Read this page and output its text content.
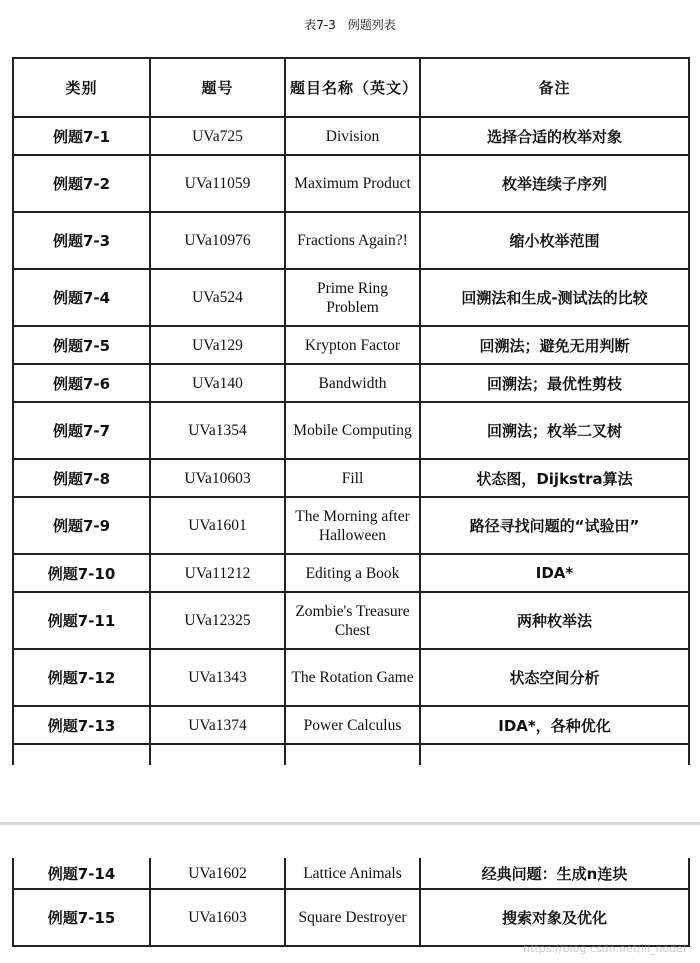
表7-3 例题列表
类别	题号	题目名称（英文）	备注
例题7-1	UVa725	Division	选择合适的枚举对象
例题7-2	UVa11059	Maximum Product	枚举连续子序列
例题7-3	UVa10976	Fractions Again?!	缩小枚举范围
例题7-4	UVa524	Prime Ring Problem	回溯法和生成-测试法的比较
例题7-5	UVa129	Krypton Factor	回溯法；避免无用判断
例题7-6	UVa140	Bandwidth	回溯法；最优性剪枝
例题7-7	UVa1354	Mobile Computing	回溯法；枚举二叉树
例题7-8	UVa10603	Fill	状态图，Dijkstra算法
例题7-9	UVa1601	The Morning after Halloween	路径寻找问题的“试验田”
例题7-10	UVa11212	Editing a Book	IDA*
例题7-11	UVa12325	Zombie's Treasure Chest	两种枚举法
例题7-12	UVa1343	The Rotation Game	状态空间分析
例题7-13	UVa1374	Power Calculus	IDA*，各种优化

例题7-14	UVa1602	Lattice Animals	经典问题：生成n连块
例题7-15	UVa1603	Square Destroyer	搜索对象及优化
https://blog.csdn.net/ill_nodel
